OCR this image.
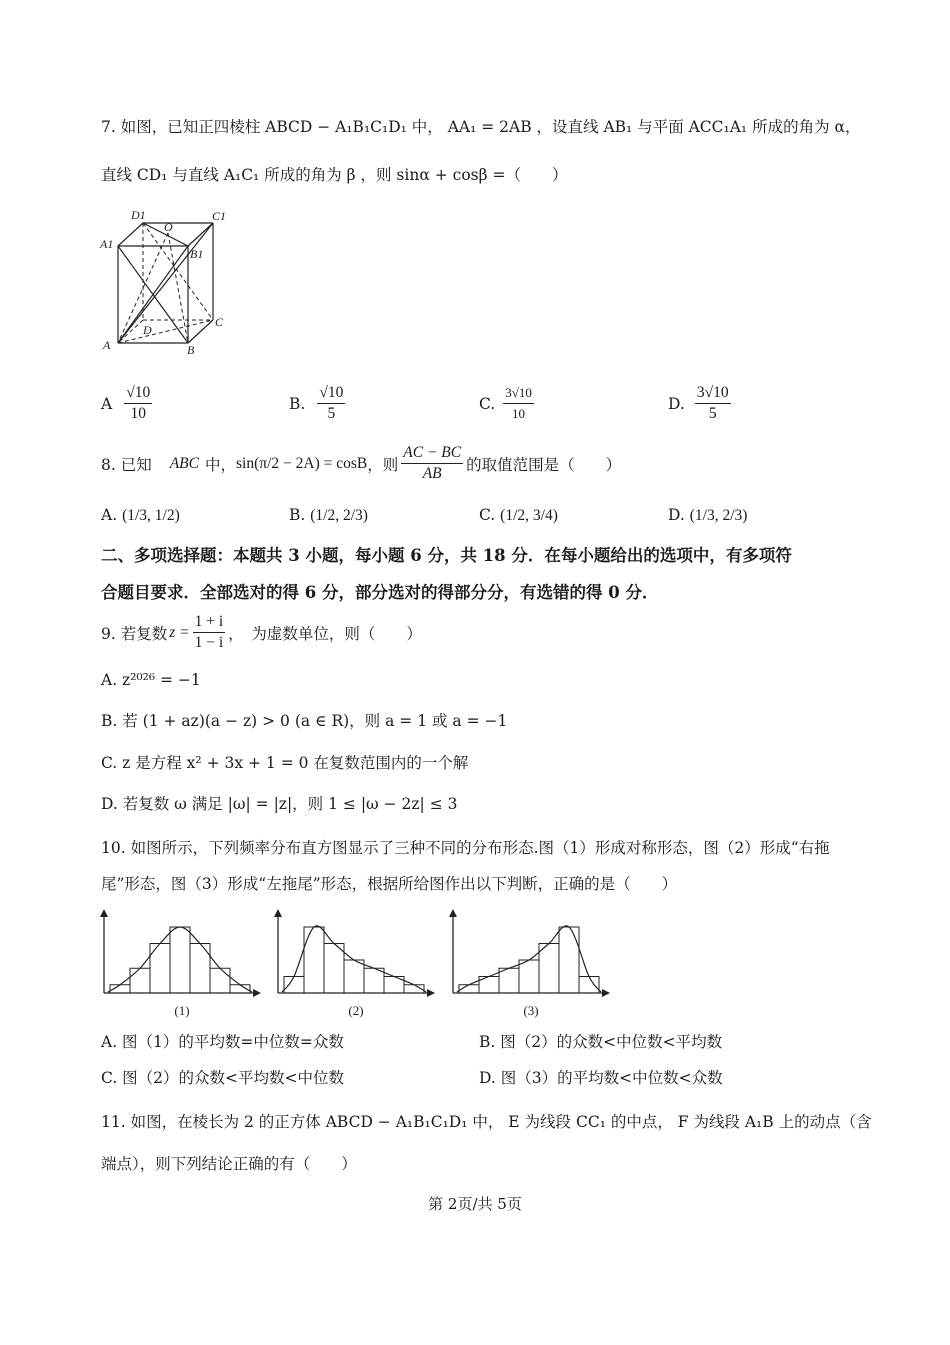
7. 如图，已知正四棱柱 ABCD − A₁B₁C₁D₁ 中， AA₁ = 2AB ，设直线 AB₁ 与平面 ACC₁A₁ 所成的角为 α，
直线 CD₁ 与直线 A₁C₁ 所成的角为 β ，则 sinα + cosβ =（　　）
D1
O
C1
A1
B1
D
C
A	B
A $\frac{√10}{10}$	B. $\frac{√10}{5}$	C. $\frac{3√10}{10}$	D. $\frac{3√10}{5}$
8. 已知 ABC 中， sin(π/2 − 2A) = cosB ，则 $\frac{AC - BC}{AB}$ 的取值范围是（　　）
A. (1/3, 1/2)	B. (1/2, 2/3)	C. (1/2, 3/4)	D. (1/3, 2/3)
二、多项选择题：本题共 3 小题，每小题 6 分，共 18 分．在每小题给出的选项中，有多项符
合题目要求．全部选对的得 6 分，部分选对的得部分分，有选错的得 0 分．
9. 若复数 $z = \frac{1 + i}{1 - i}$ ，　为虚数单位，则（　　）
A. z²⁰²⁶ = −1
B. 若 (1 + az)(a − z) > 0 (a ∈ R)，则 a = 1 或 a = −1
C. z 是方程 x² + 3x + 1 = 0 在复数范围内的一个解
D. 若复数 ω 满足 |ω| = |z|，则 1 ≤ |ω − 2z| ≤ 3
10. 如图所示，下列频率分布直方图显示了三种不同的分布形态.图（1）形成对称形态，图（2）形成“右拖
尾”形态，图（3）形成“左拖尾”形态，根据所给图作出以下判断，正确的是（　　）
(1)	(2)	(3)
A. 图（1）的平均数=中位数=众数	B. 图（2）的众数<中位数<平均数
C. 图（2）的众数<平均数<中位数	D. 图（3）的平均数<中位数<众数
11. 如图，在棱长为 2 的正方体 ABCD − A₁B₁C₁D₁ 中， E 为线段 CC₁ 的中点， F 为线段 A₁B 上的动点（含
端点），则下列结论正确的有（　　）
第 2页/共 5页
